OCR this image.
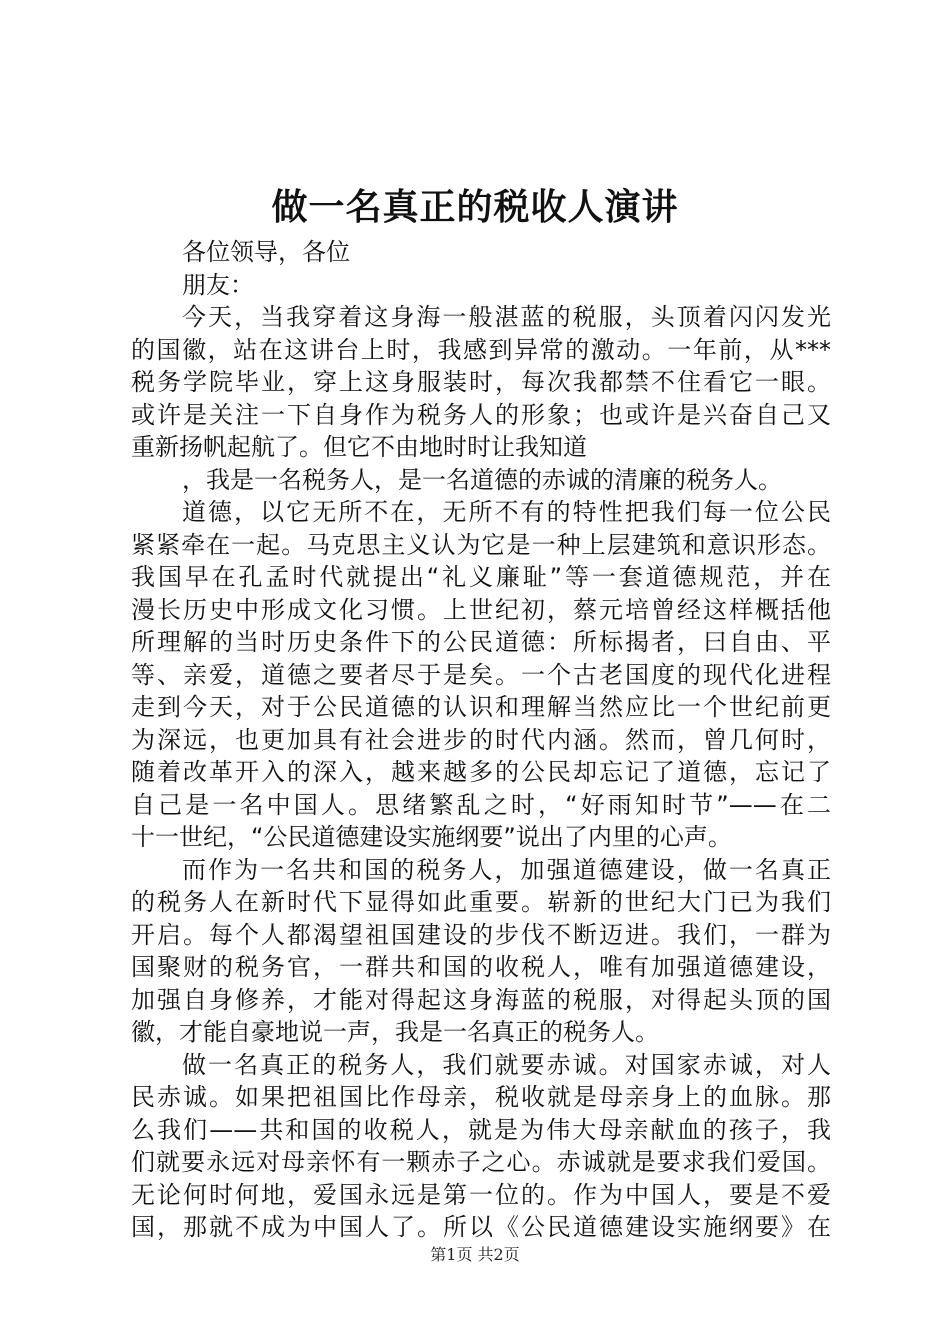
做一名真正的税收人演讲
各位领导，各位
朋友：
今天，当我穿着这身海一般湛蓝的税服，头顶着闪闪发光
的国徽，站在这讲台上时，我感到异常的激动。一年前，从***
税务学院毕业，穿上这身服装时，每次我都禁不住看它一眼。
或许是关注一下自身作为税务人的形象；也或许是兴奋自己又
重新扬帆起航了。但它不由地时时让我知道
，我是一名税务人，是一名道德的赤诚的清廉的税务人。
道德，以它无所不在，无所不有的特性把我们每一位公民
紧紧牵在一起。马克思主义认为它是一种上层建筑和意识形态。
我国早在孔孟时代就提出“礼义廉耻”等一套道德规范，并在
漫长历史中形成文化习惯。上世纪初，蔡元培曾经这样概括他
所理解的当时历史条件下的公民道德：所标揭者，曰自由、平
等、亲爱，道德之要者尽于是矣。一个古老国度的现代化进程
走到今天，对于公民道德的认识和理解当然应比一个世纪前更
为深远，也更加具有社会进步的时代内涵。然而，曾几何时，
随着改革开入的深入，越来越多的公民却忘记了道德，忘记了
自己是一名中国人。思绪繁乱之时，“好雨知时节”——在二
十一世纪，“公民道德建设实施纲要”说出了内里的心声。
而作为一名共和国的税务人，加强道德建设，做一名真正
的税务人在新时代下显得如此重要。崭新的世纪大门已为我们
开启。每个人都渴望祖国建设的步伐不断迈进。我们，一群为
国聚财的税务官，一群共和国的收税人，唯有加强道德建设，
加强自身修养，才能对得起这身海蓝的税服，对得起头顶的国
徽，才能自豪地说一声，我是一名真正的税务人。
做一名真正的税务人，我们就要赤诚。对国家赤诚，对人
民赤诚。如果把祖国比作母亲，税收就是母亲身上的血脉。那
么我们——共和国的收税人，就是为伟大母亲献血的孩子，我
们就要永远对母亲怀有一颗赤子之心。赤诚就是要求我们爱国。
无论何时何地，爱国永远是第一位的。作为中国人，要是不爱
国，那就不成为中国人了。所以《公民道德建设实施纲要》在
第1页 共2页
